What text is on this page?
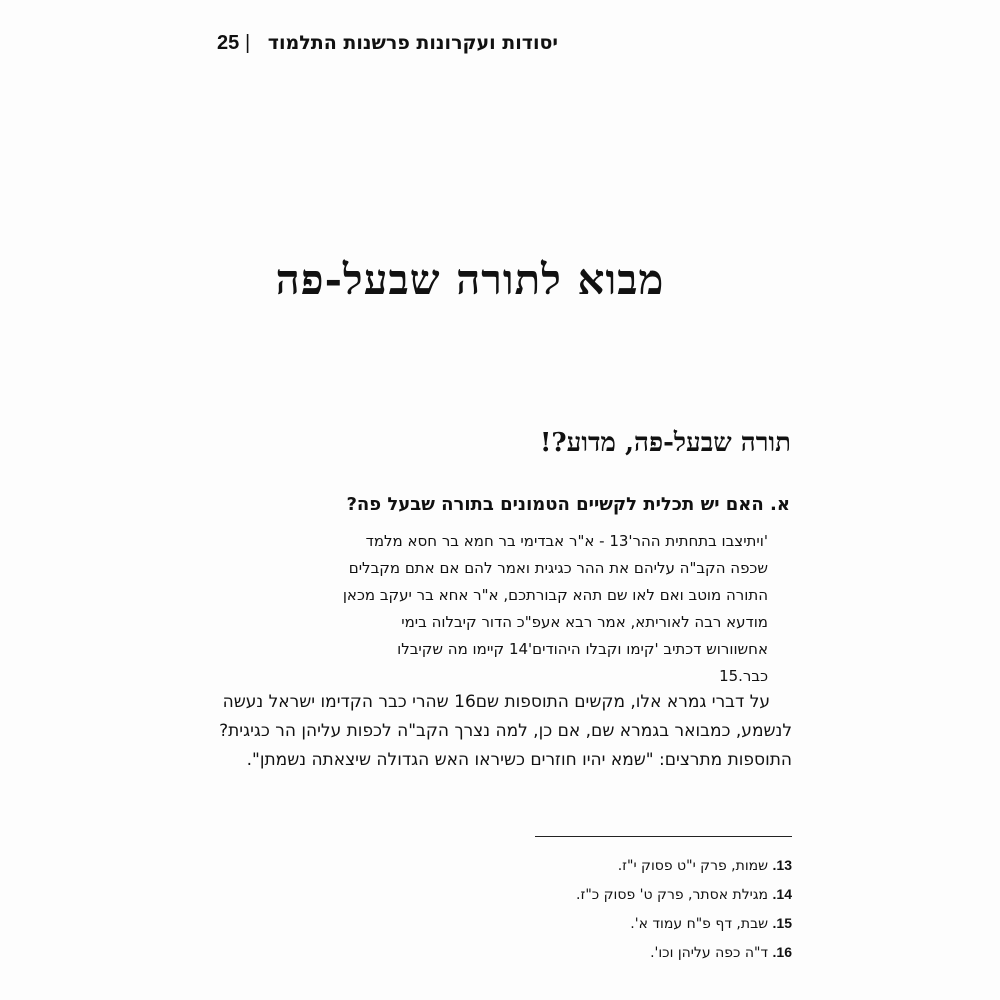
25 | יסודות ועקרונות פרשנות התלמוד
מבוא לתורה שבעל-פה
תורה שבעל-פה, מדוע?!
א. האם יש תכלית לקשיים הטמונים בתורה שבעל פה?
'ויתיצבו בתחתית ההר'13 - א"ר אבדימי בר חמא בר חסא מלמד
שכפה הקב"ה עליהם את ההר כגיגית ואמר להם אם אתם מקבלים
התורה מוטב ואם לאו שם תהא קבורתכם, א"ר אחא בר יעקב מכאן
מודעא רבה לאוריתא, אמר רבא אעפ"כ הדור קיבלוה בימי
אחשוורוש דכתיב 'קימו וקבלו היהודים'14 קיימו מה שקיבלו
כבר.15
על דברי גמרא אלו, מקשים התוספות שם16 שהרי כבר הקדימו ישראל נעשה
לנשמע, כמבואר בגמרא שם, אם כן, למה נצרך הקב"ה לכפות עליהן הר כגיגית?
התוספות מתרצים: "שמא יהיו חוזרים כשיראו האש הגדולה שיצאתה נשמתן".
13. שמות, פרק י"ט פסוק י"ז.
14. מגילת אסתר, פרק ט' פסוק כ"ז.
15. שבת, דף פ"ח עמוד א'.
16. ד"ה כפה עליהן וכו'.
